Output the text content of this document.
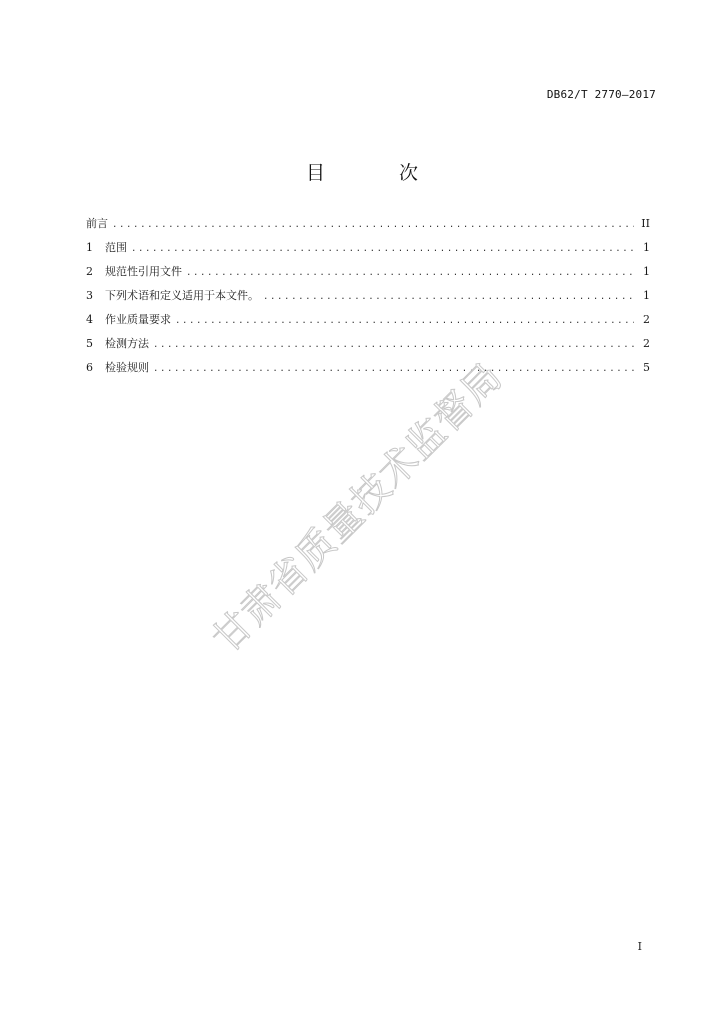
DB62/T 2770—2017
目 次
前言 .....	II
1	范围 .....	1
2	规范性引用文件 .....	1
3	下列术语和定义适用于本文件。 .....	1
4	作业质量要求 .....	2
5	检测方法 .....	2
6	检验规则 .....	5
甘肃省质量技术监督局
I
